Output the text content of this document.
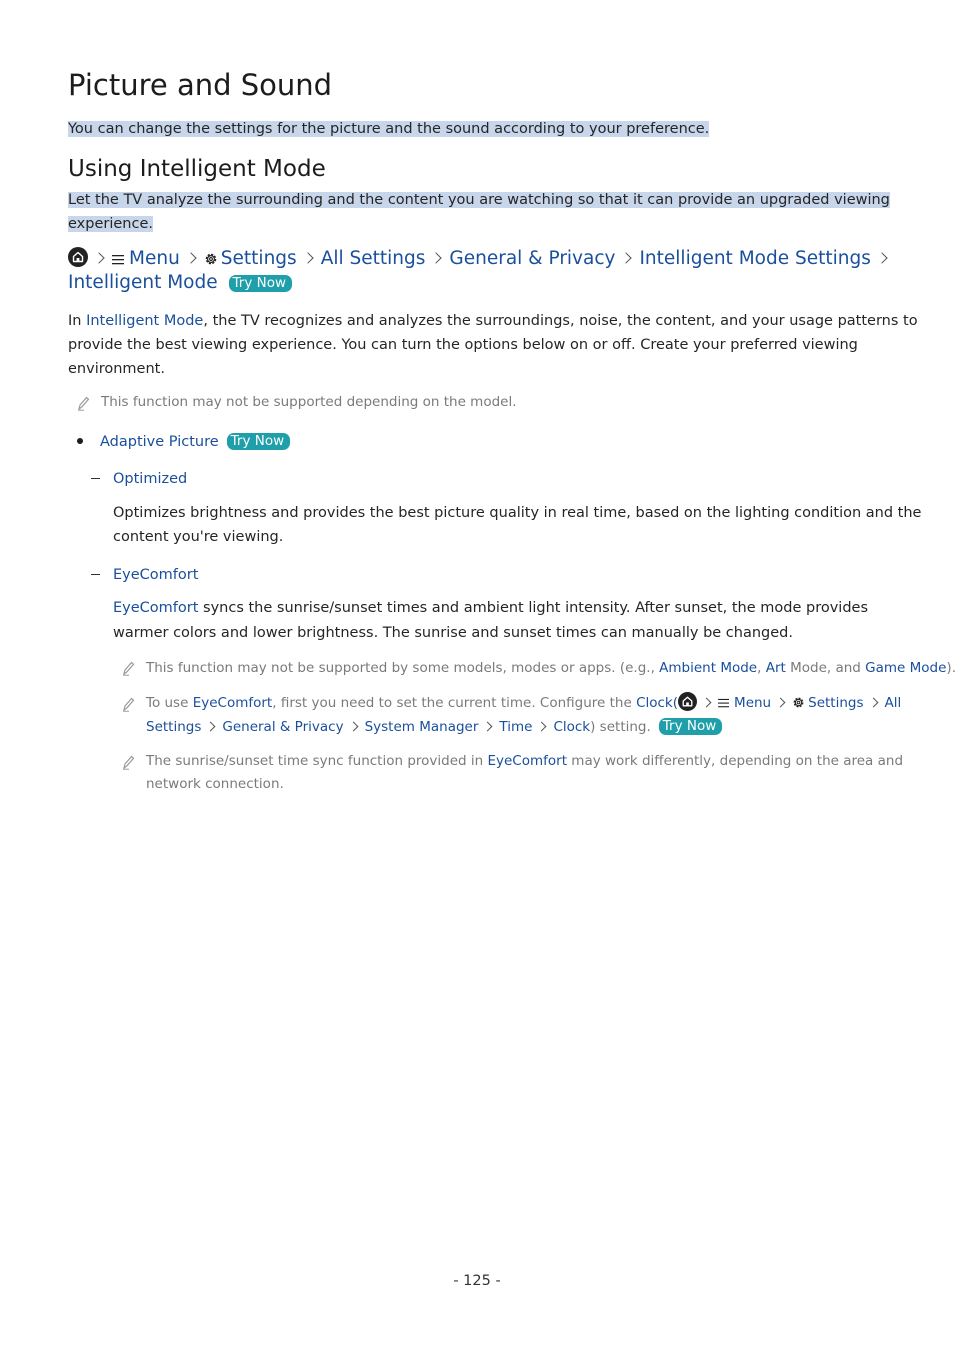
Picture and Sound
You can change the settings for the picture and the sound according to your preference.
Using Intelligent Mode
Let the TV analyze the surrounding and the content you are watching so that it can provide an upgraded viewing
experience.
Menu Settings All Settings General & Privacy Intelligent Mode Settings
Intelligent Mode Try Now
In Intelligent Mode, the TV recognizes and analyzes the surroundings, noise, the content, and your usage patterns to
provide the best viewing experience. You can turn the options below on or off. Create your preferred viewing
environment.
This function may not be supported depending on the model.
Adaptive Picture Try Now
Optimized
Optimizes brightness and provides the best picture quality in real time, based on the lighting condition and the
content you're viewing.
EyeComfort
EyeComfort syncs the sunrise/sunset times and ambient light intensity. After sunset, the mode provides
warmer colors and lower brightness. The sunrise and sunset times can manually be changed.
This function may not be supported by some models, modes or apps. (e.g., Ambient Mode, Art Mode, and Game Mode).
To use EyeComfort, first you need to set the current time. Configure the Clock(	Menu	Settings All
Settings General & Privacy System Manager Time Clock) setting. Try Now
The sunrise/sunset time sync function provided in EyeComfort may work differently, depending on the area and
network connection.
- 125 -
